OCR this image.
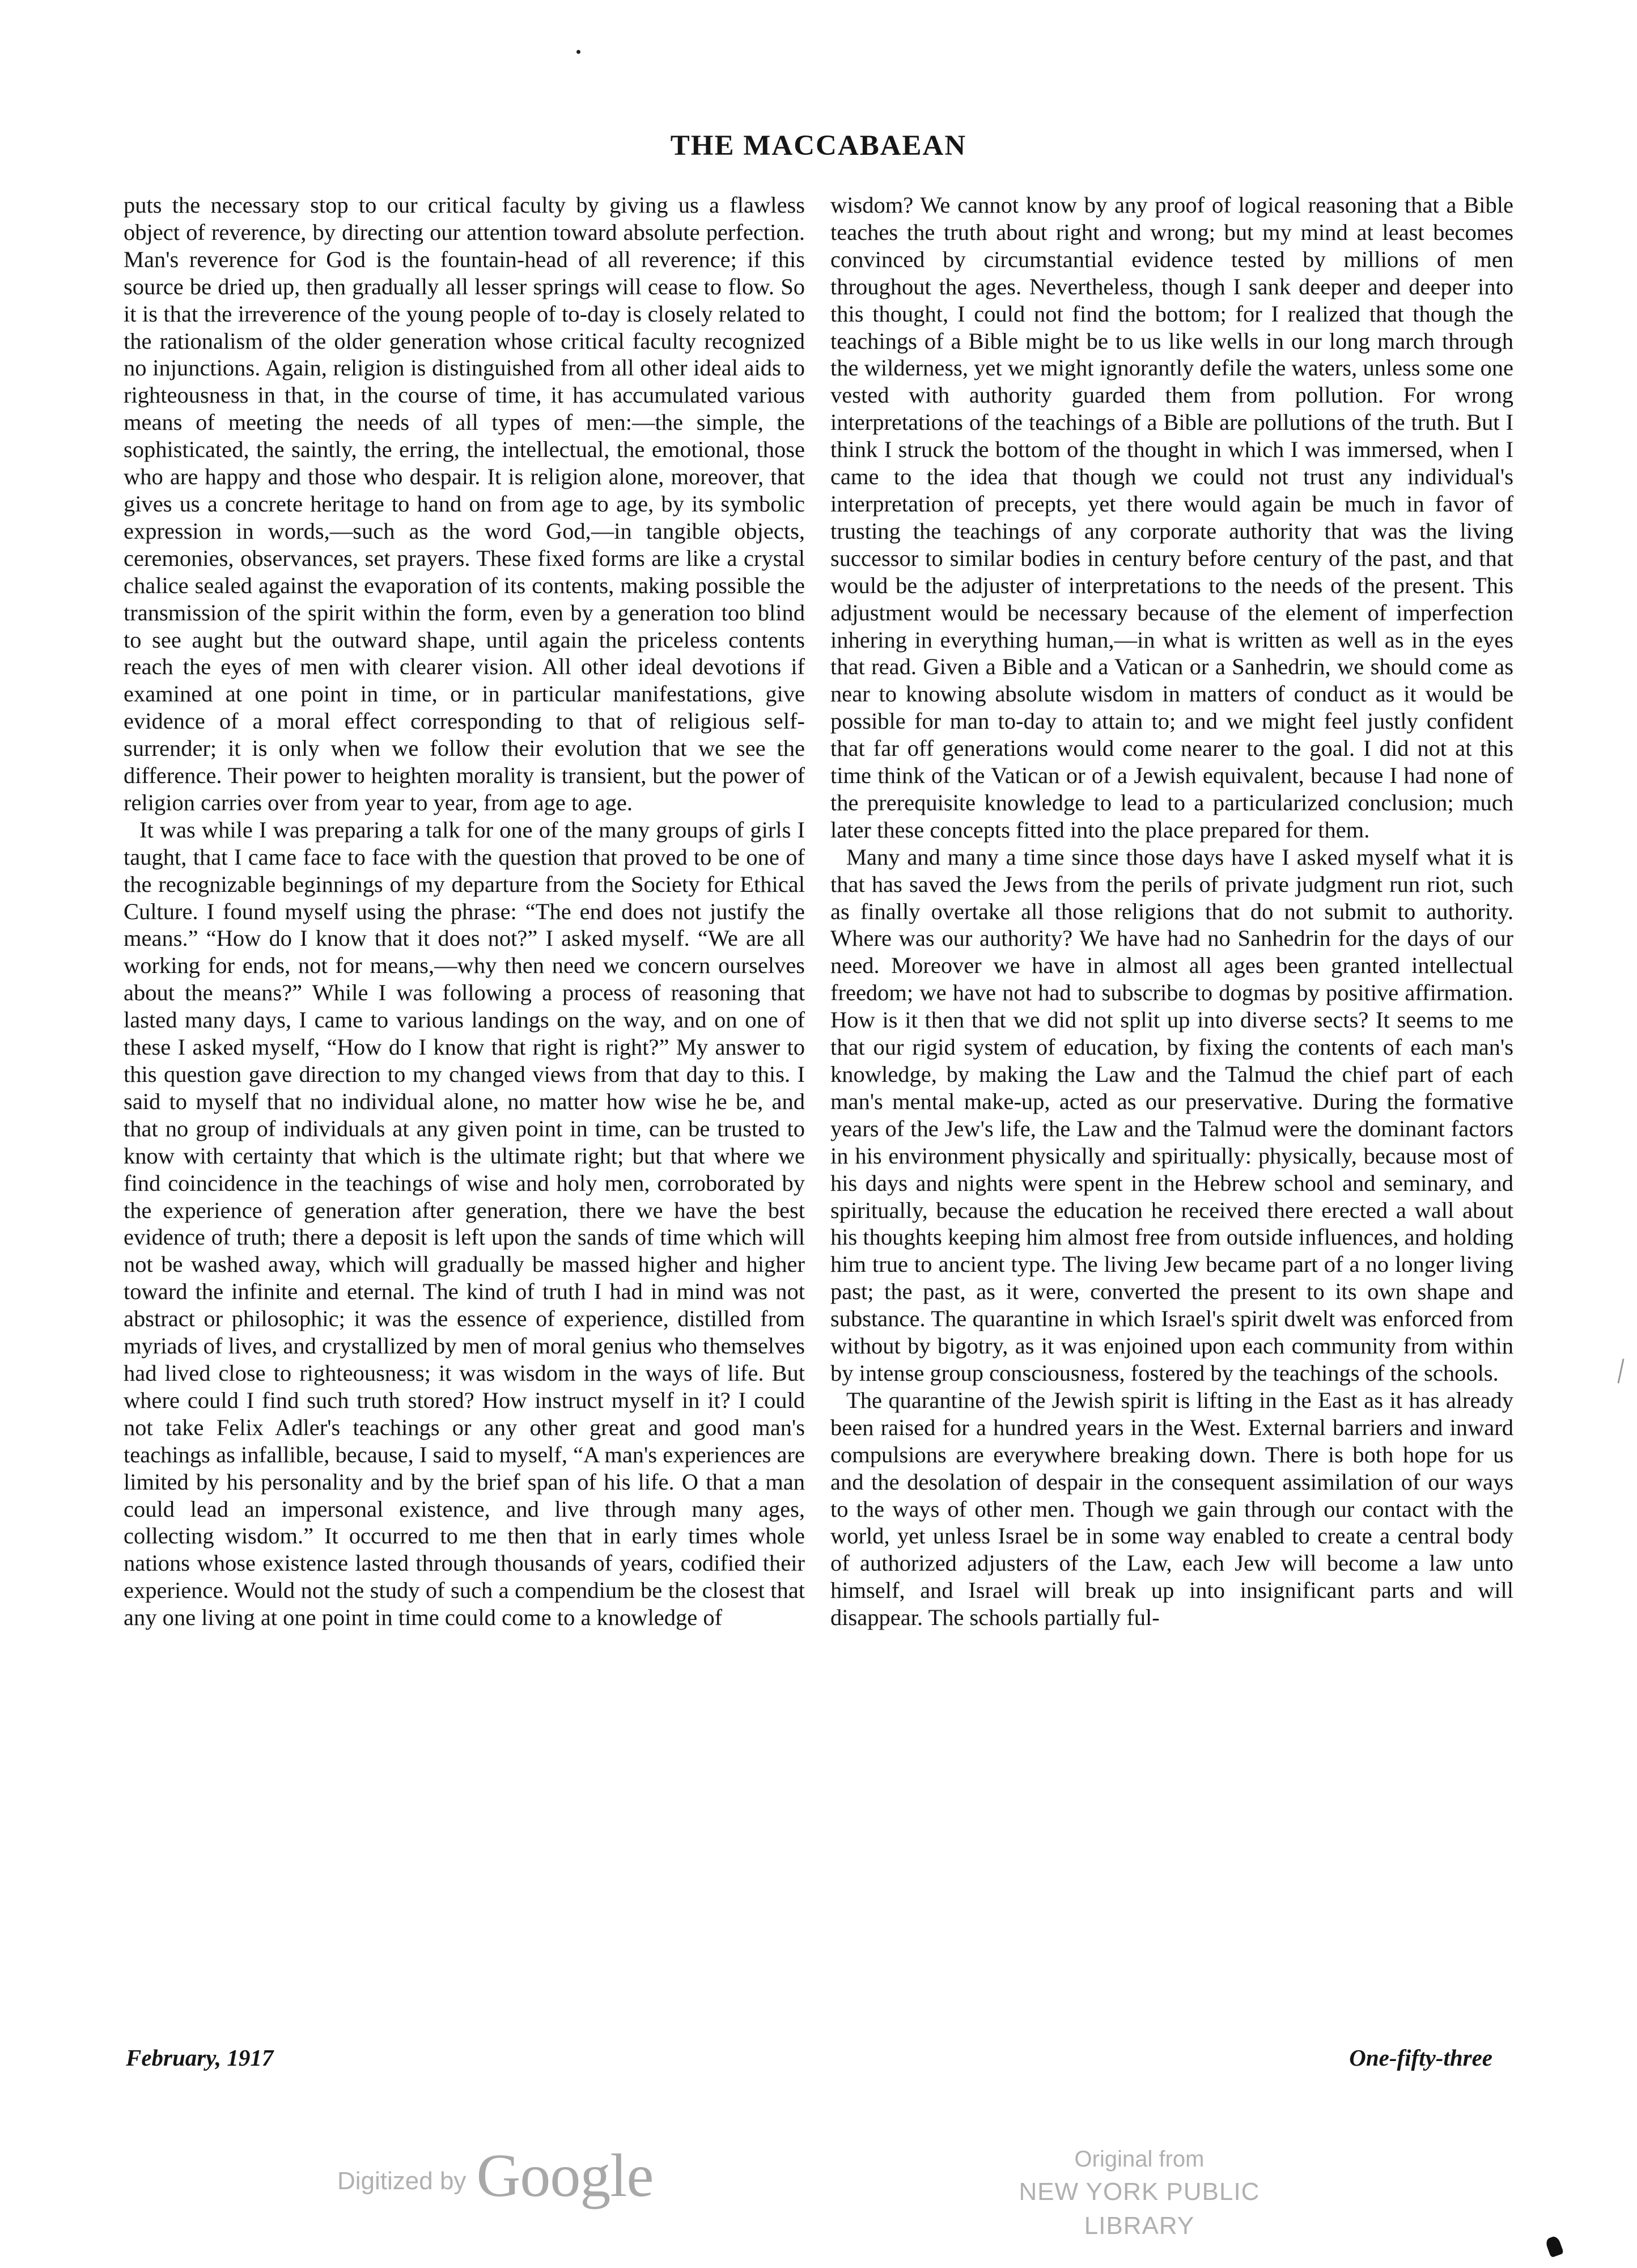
THE MACCABAEAN

puts the necessary stop to our critical faculty by giving us a flawless object of reverence, by directing our attention toward absolute perfection. Man's reverence for God is the fountain-head of all reverence; if this source be dried up, then gradually all lesser springs will cease to flow. So it is that the irreverence of the young people of to-day is closely related to the rationalism of the older generation whose critical faculty recognized no injunctions. Again, religion is distinguished from all other ideal aids to righteousness in that, in the course of time, it has accumulated various means of meeting the needs of all types of men:—the simple, the sophisticated, the saintly, the erring, the intellectual, the emotional, those who are happy and those who despair. It is religion alone, moreover, that gives us a concrete heritage to hand on from age to age, by its symbolic expression in words,—such as the word God,—in tangible objects, ceremonies, observances, set prayers. These fixed forms are like a crystal chalice sealed against the evaporation of its contents, making possible the transmission of the spirit within the form, even by a generation too blind to see aught but the outward shape, until again the priceless contents reach the eyes of men with clearer vision. All other ideal devotions if examined at one point in time, or in particular manifestations, give evidence of a moral effect corresponding to that of religious self-surrender; it is only when we follow their evolution that we see the difference. Their power to heighten morality is transient, but the power of religion carries over from year to year, from age to age.

It was while I was preparing a talk for one of the many groups of girls I taught, that I came face to face with the question that proved to be one of the recognizable beginnings of my departure from the Society for Ethical Culture. I found myself using the phrase: “The end does not justify the means.” “How do I know that it does not?” I asked myself. “We are all working for ends, not for means,—why then need we concern ourselves about the means?” While I was following a process of reasoning that lasted many days, I came to various landings on the way, and on one of these I asked myself, “How do I know that right is right?” My answer to this question gave direction to my changed views from that day to this. I said to myself that no individual alone, no matter how wise he be, and that no group of individuals at any given point in time, can be trusted to know with certainty that which is the ultimate right; but that where we find coincidence in the teachings of wise and holy men, corroborated by the experience of generation after generation, there we have the best evidence of truth; there a deposit is left upon the sands of time which will not be washed away, which will gradually be massed higher and higher toward the infinite and eternal. The kind of truth I had in mind was not abstract or philosophic; it was the essence of experience, distilled from myriads of lives, and crystallized by men of moral genius who themselves had lived close to righteousness; it was wisdom in the ways of life. But where could I find such truth stored? How instruct myself in it? I could not take Felix Adler's teachings or any other great and good man's teachings as infallible, because, I said to myself, “A man's experiences are limited by his personality and by the brief span of his life. O that a man could lead an impersonal existence, and live through many ages, collecting wisdom.” It occurred to me then that in early times whole nations whose existence lasted through thousands of years, codified their experience. Would not the study of such a compendium be the closest that any one living at one point in time could come to a knowledge of

wisdom? We cannot know by any proof of logical reasoning that a Bible teaches the truth about right and wrong; but my mind at least becomes convinced by circumstantial evidence tested by millions of men throughout the ages. Nevertheless, though I sank deeper and deeper into this thought, I could not find the bottom; for I realized that though the teachings of a Bible might be to us like wells in our long march through the wilderness, yet we might ignorantly defile the waters, unless some one vested with authority guarded them from pollution. For wrong interpretations of the teachings of a Bible are pollutions of the truth. But I think I struck the bottom of the thought in which I was immersed, when I came to the idea that though we could not trust any individual's interpretation of precepts, yet there would again be much in favor of trusting the teachings of any corporate authority that was the living successor to similar bodies in century before century of the past, and that would be the adjuster of interpretations to the needs of the present. This adjustment would be necessary because of the element of imperfection inhering in everything human,—in what is written as well as in the eyes that read. Given a Bible and a Vatican or a Sanhedrin, we should come as near to knowing absolute wisdom in matters of conduct as it would be possible for man to-day to attain to; and we might feel justly confident that far off generations would come nearer to the goal. I did not at this time think of the Vatican or of a Jewish equivalent, because I had none of the prerequisite knowledge to lead to a particularized conclusion; much later these concepts fitted into the place prepared for them.

Many and many a time since those days have I asked myself what it is that has saved the Jews from the perils of private judgment run riot, such as finally overtake all those religions that do not submit to authority. Where was our authority? We have had no Sanhedrin for the days of our need. Moreover we have in almost all ages been granted intellectual freedom; we have not had to subscribe to dogmas by positive affirmation. How is it then that we did not split up into diverse sects? It seems to me that our rigid system of education, by fixing the contents of each man's knowledge, by making the Law and the Talmud the chief part of each man's mental make-up, acted as our preservative. During the formative years of the Jew's life, the Law and the Talmud were the dominant factors in his environment physically and spiritually: physically, because most of his days and nights were spent in the Hebrew school and seminary, and spiritually, because the education he received there erected a wall about his thoughts keeping him almost free from outside influences, and holding him true to ancient type. The living Jew became part of a no longer living past; the past, as it were, converted the present to its own shape and substance. The quarantine in which Israel's spirit dwelt was enforced from without by bigotry, as it was enjoined upon each community from within by intense group consciousness, fostered by the teachings of the schools.

The quarantine of the Jewish spirit is lifting in the East as it has already been raised for a hundred years in the West. External barriers and inward compulsions are everywhere breaking down. There is both hope for us and the desolation of despair in the consequent assimilation of our ways to the ways of other men. Though we gain through our contact with the world, yet unless Israel be in some way enabled to create a central body of authorized adjusters of the Law, each Jew will become a law unto himself, and Israel will break up into insignificant parts and will disappear. The schools partially ful-

February, 1917	One-fifty-three
Digitized by Google	Original from
NEW YORK PUBLIC LIBRARY
